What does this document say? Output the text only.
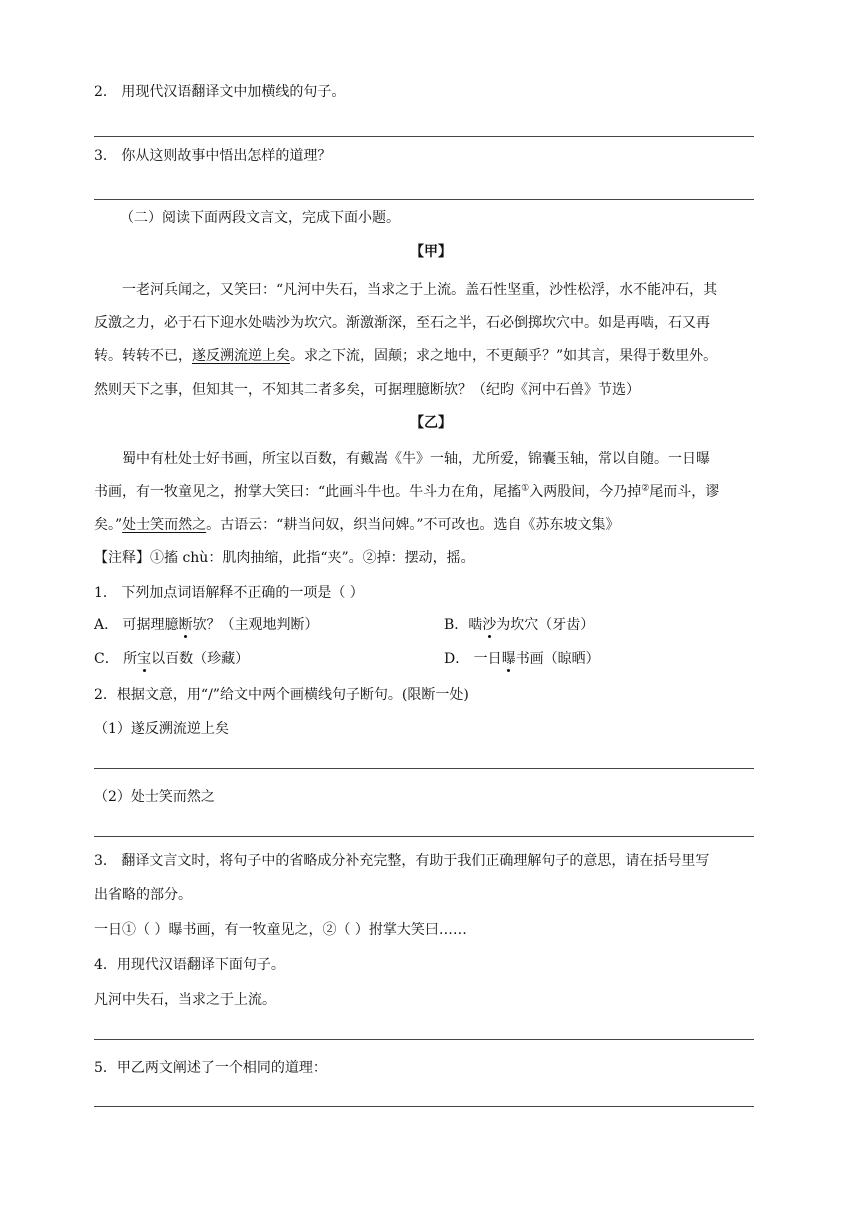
2． 用现代汉语翻译文中加横线的句子。
3． 你从这则故事中悟出怎样的道理？
（二）阅读下面两段文言文，完成下面小题。
【甲】
一老河兵闻之，又笑曰：“凡河中失石，当求之于上流。盖石性坚重，沙性松浮，水不能冲石，其
反激之力，必于石下迎水处啮沙为坎穴。渐激渐深，至石之半，石必倒掷坎穴中。如是再啮，石又再
转。转转不已，遂反溯流逆上矣。求之下流，固颠；求之地中，不更颠乎？”如其言，果得于数里外。
然则天下之事，但知其一，不知其二者多矣，可据理臆断欤？（纪昀《河中石兽》节选）
【乙】
蜀中有杜处士好书画，所宝以百数，有戴嵩《牛》一轴，尤所爱，锦囊玉轴，常以自随。一日曝
书画，有一牧童见之，拊掌大笑曰：“此画斗牛也。牛斗力在角，尾搐①入两股间，今乃掉②尾而斗，谬
矣。”处士笑而然之。古语云：“耕当问奴，织当问婢。”不可改也。选自《苏东坡文集》
【注释】①搐 chù：肌肉抽缩，此指“夹”。②掉：摆动，摇。
1． 下列加点词语解释不正确的一项是（ ）
A． 可据理臆断欤？（主观地判断）	B．啮沙为坎穴（牙齿）
C． 所宝以百数（珍藏）	D． 一日曝书画（晾晒）
2．根据文意，用“/”给文中两个画横线句子断句。(限断一处)
（1）遂反溯流逆上矣
（2）处士笑而然之
3． 翻译文言文时，将句子中的省略成分补充完整，有助于我们正确理解句子的意思，请在括号里写
出省略的部分。
一日①（ ）曝书画，有一牧童见之，②（ ）拊掌大笑曰……
4．用现代汉语翻译下面句子。
凡河中失石，当求之于上流。
5．甲乙两文阐述了一个相同的道理：
